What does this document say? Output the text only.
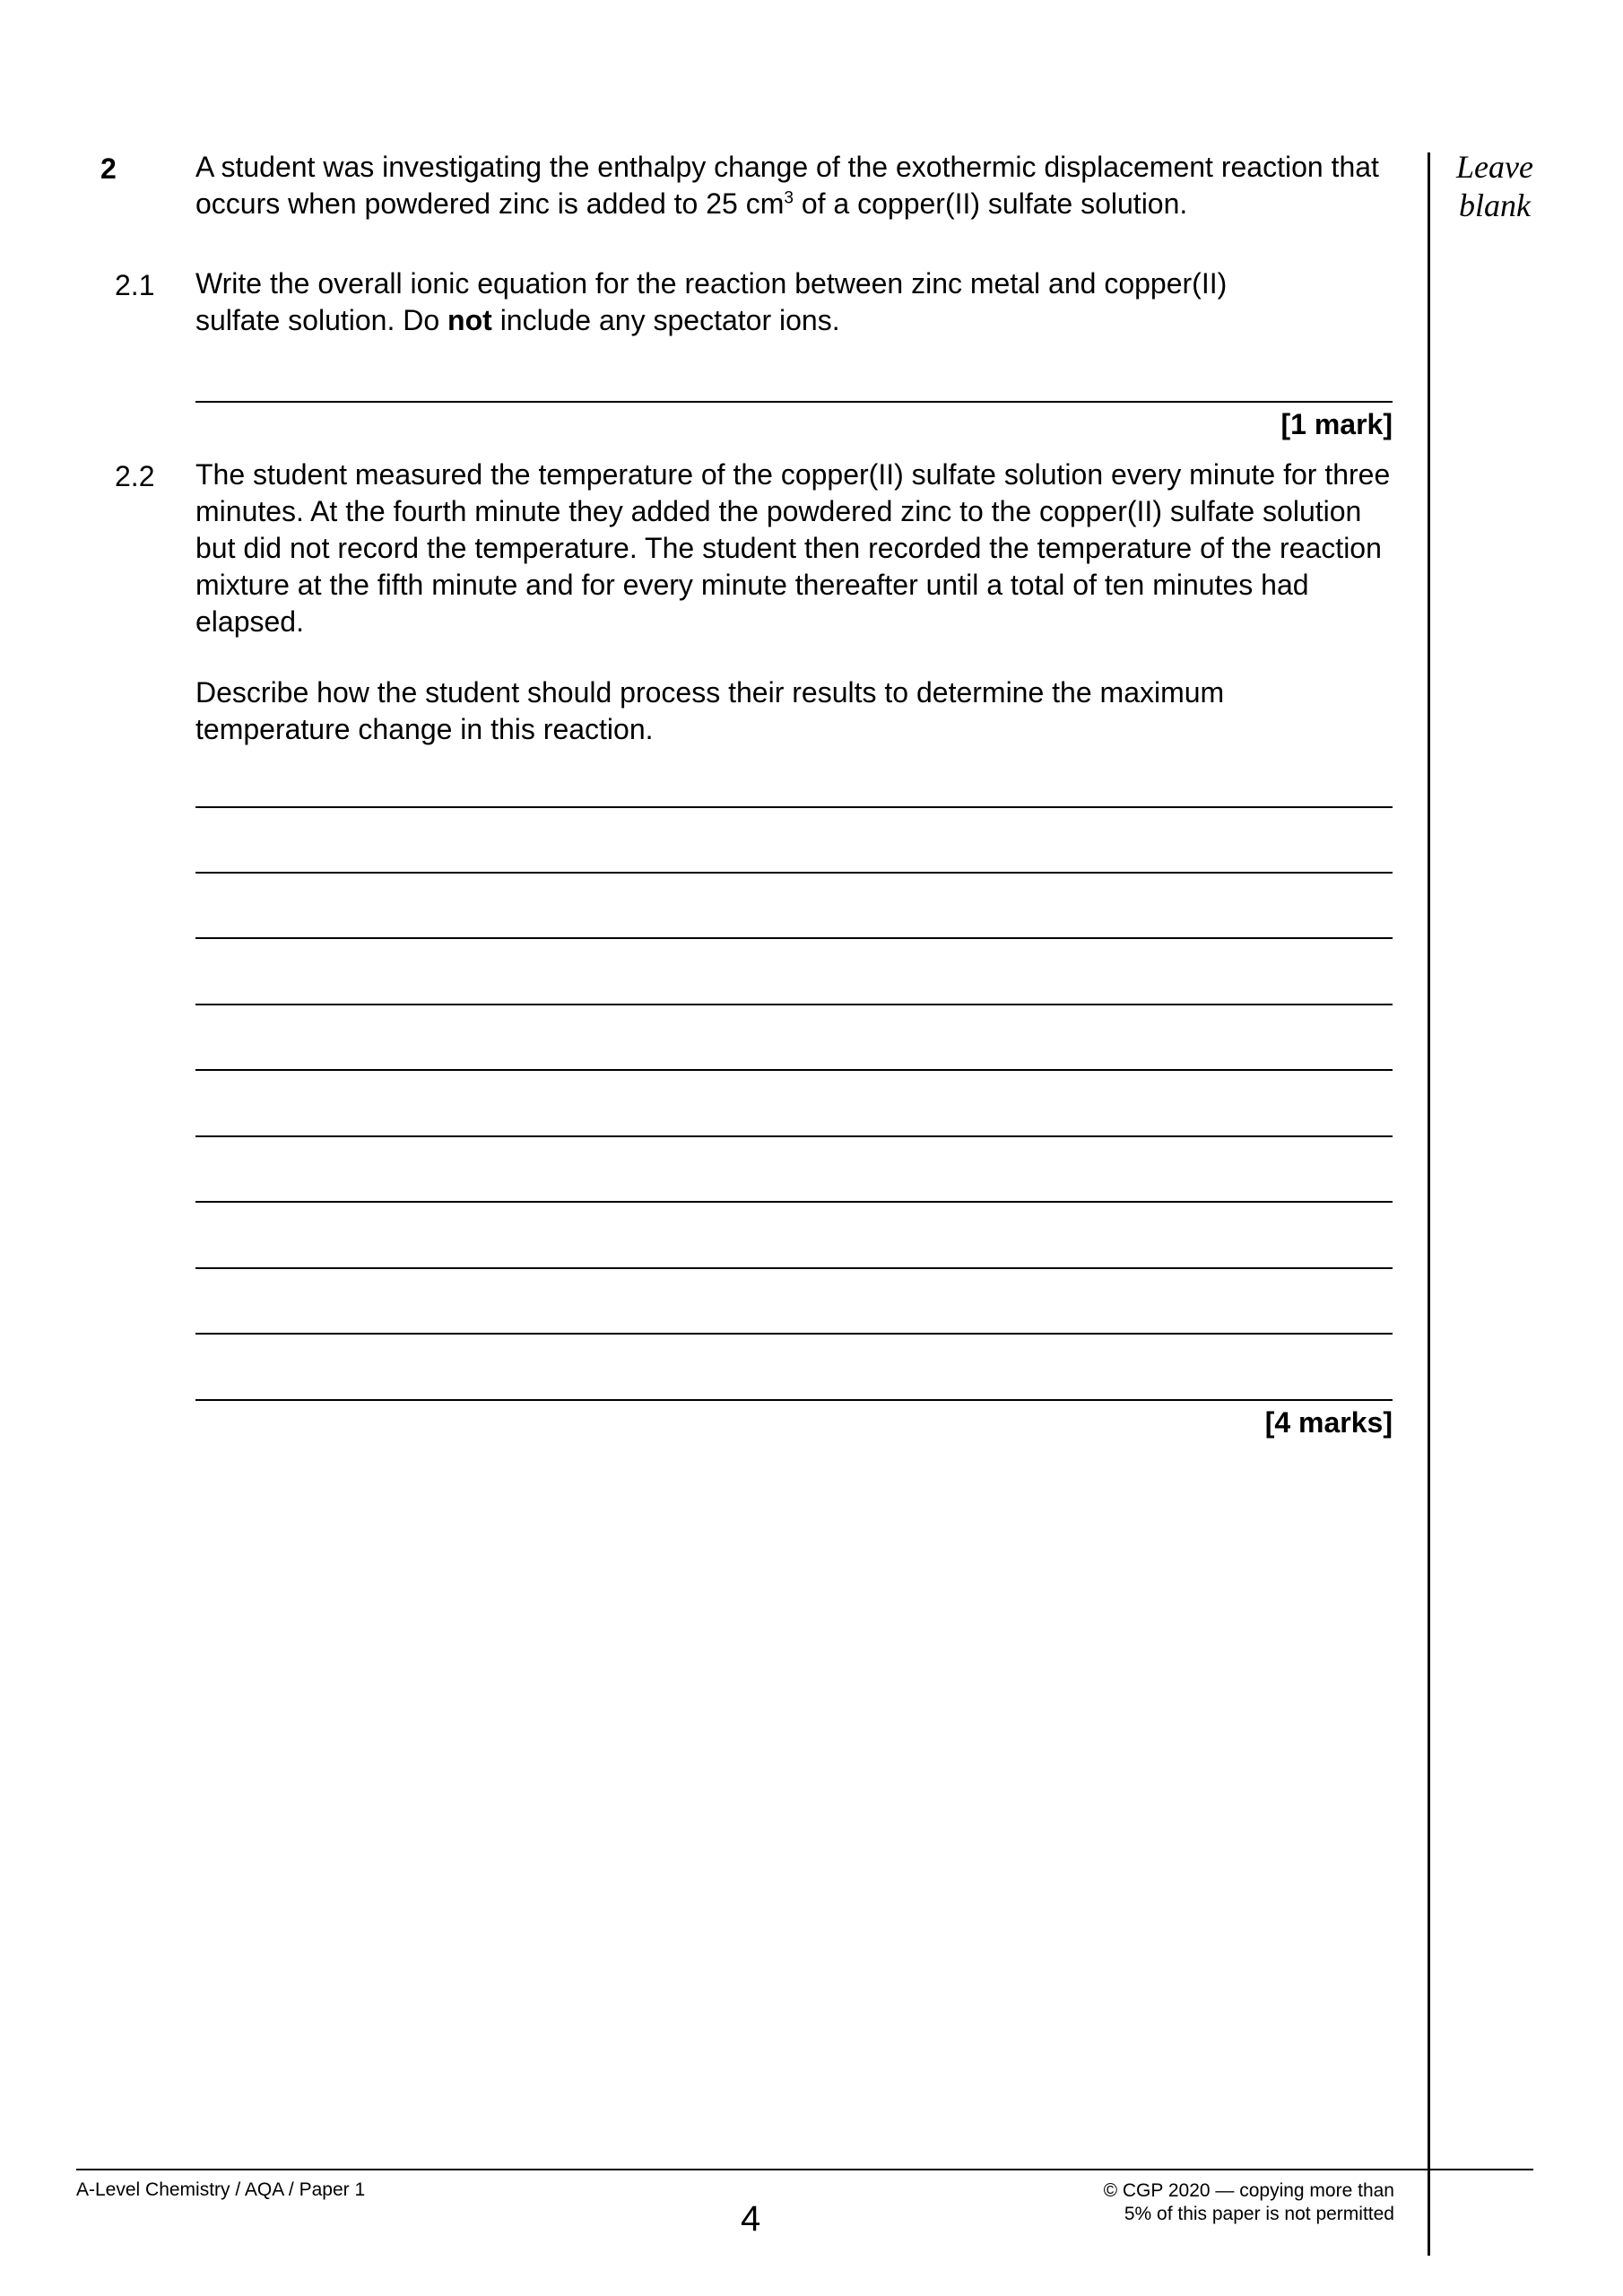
2	A student was investigating the enthalpy change of the exothermic displacement reaction that occurs when powdered zinc is added to 25 $cm^3$ of a copper(II) sulfate solution.

2.1 Write the overall ionic equation for the reaction between zinc metal and copper(II) sulfate solution. Do not include any spectator ions.

[1 mark]
2.2 The student measured the temperature of the copper(II) sulfate solution every minute for three minutes. At the fourth minute they added the powdered zinc to the copper(II) sulfate solution but did not record the temperature. The student then recorded the temperature of the reaction mixture at the fifth minute and for every minute thereafter until a total of ten minutes had elapsed.

Describe how the student should process their results to determine the maximum temperature change in this reaction.

[4 marks]
Leave
blank
A-Level Chemistry / AQA / Paper 1
4
© CGP 2020 — copying more than
5% of this paper is not permitted
